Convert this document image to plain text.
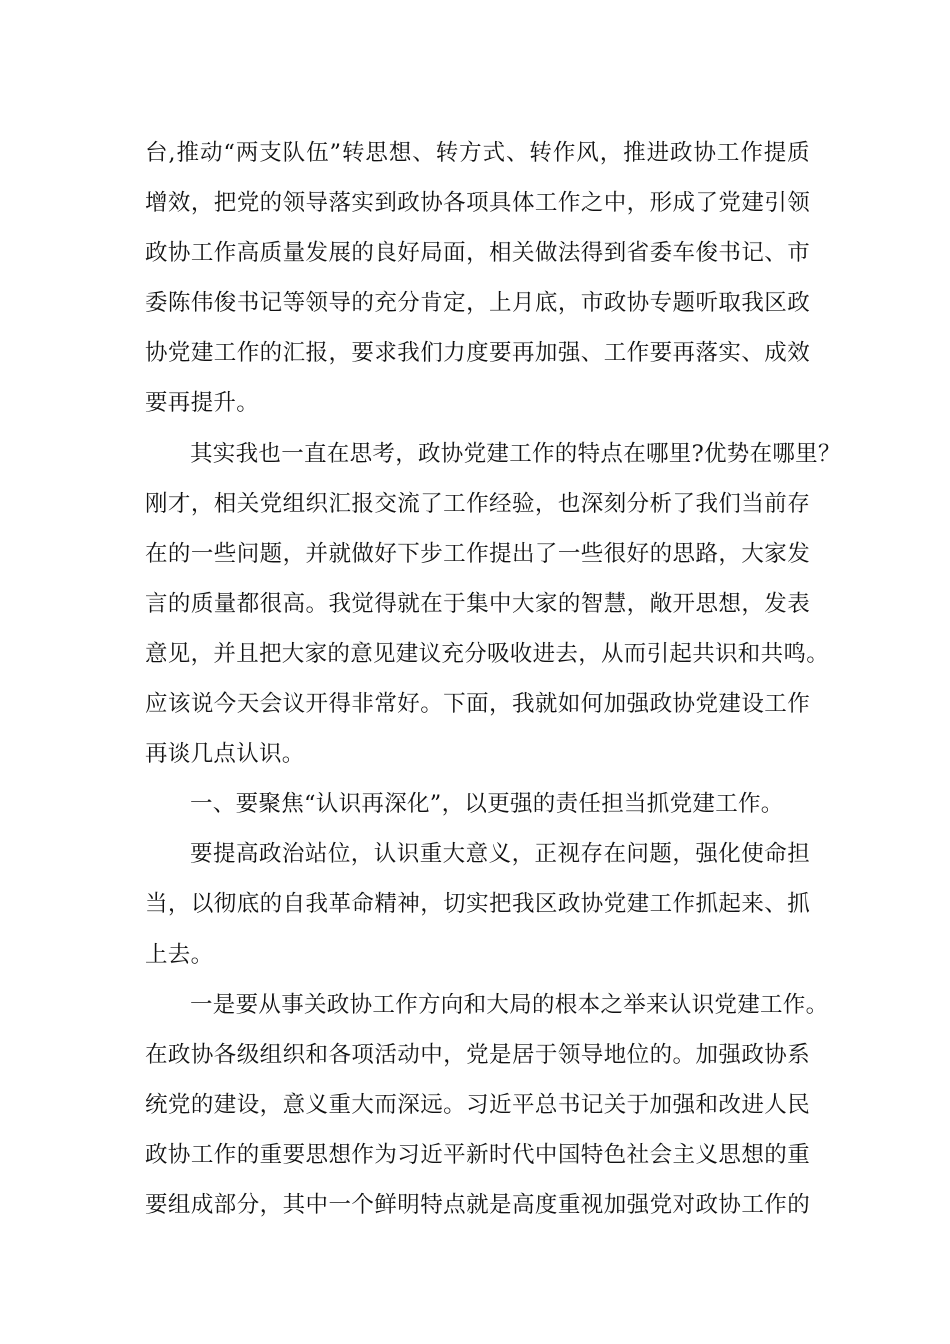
台,推动“两支队伍”转思想、转方式、转作风，推进政协工作提质
增效，把党的领导落实到政协各项具体工作之中，形成了党建引领
政协工作高质量发展的良好局面，相关做法得到省委车俊书记、市
委陈伟俊书记等领导的充分肯定，上月底，市政协专题听取我区政
协党建工作的汇报，要求我们力度要再加强、工作要再落实、成效
要再提升。
其实我也一直在思考，政协党建工作的特点在哪里?优势在哪里？
刚才，相关党组织汇报交流了工作经验，也深刻分析了我们当前存
在的一些问题，并就做好下步工作提出了一些很好的思路，大家发
言的质量都很高。我觉得就在于集中大家的智慧，敞开思想，发表
意见，并且把大家的意见建议充分吸收进去，从而引起共识和共鸣。
应该说今天会议开得非常好。下面，我就如何加强政协党建设工作
再谈几点认识。
一、要聚焦“认识再深化”，以更强的责任担当抓党建工作。
要提高政治站位，认识重大意义，正视存在问题，强化使命担
当，以彻底的自我革命精神，切实把我区政协党建工作抓起来、抓
上去。
一是要从事关政协工作方向和大局的根本之举来认识党建工作。
在政协各级组织和各项活动中，党是居于领导地位的。加强政协系
统党的建设，意义重大而深远。习近平总书记关于加强和改进人民
政协工作的重要思想作为习近平新时代中国特色社会主义思想的重
要组成部分，其中一个鲜明特点就是高度重视加强党对政协工作的
